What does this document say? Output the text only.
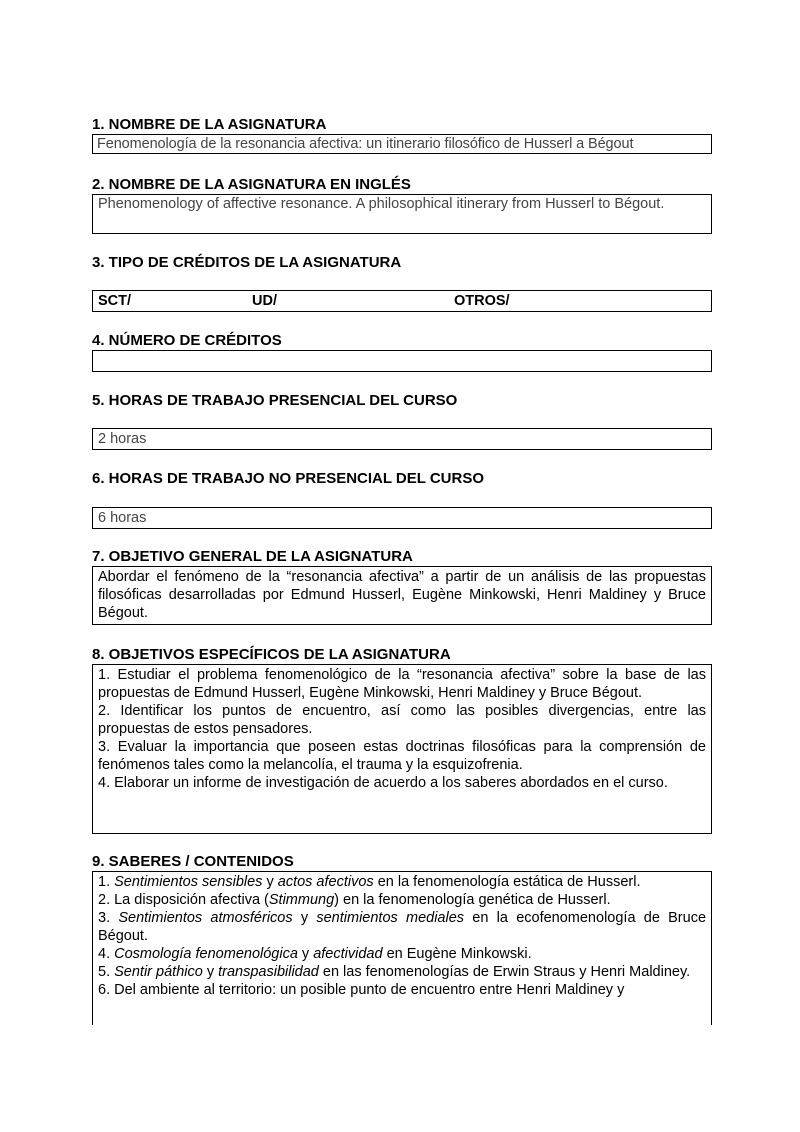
1. NOMBRE DE LA ASIGNATURA
Fenomenología de la resonancia afectiva: un itinerario filosófico de Husserl a Bégout
2. NOMBRE DE LA ASIGNATURA EN INGLÉS
Phenomenology of affective resonance. A philosophical itinerary from Husserl to Bégout.
3. TIPO DE CRÉDITOS DE LA ASIGNATURA
SCT/	UD/	OTROS/
4. NÚMERO DE CRÉDITOS
5. HORAS DE TRABAJO PRESENCIAL DEL CURSO
2 horas
6. HORAS DE TRABAJO NO PRESENCIAL DEL CURSO
6 horas
7. OBJETIVO GENERAL DE LA ASIGNATURA
Abordar el fenómeno de la “resonancia afectiva” a partir de un análisis de las propuestas filosóficas desarrolladas por Edmund Husserl, Eugène Minkowski, Henri Maldiney y Bruce Bégout.
8. OBJETIVOS ESPECÍFICOS DE LA ASIGNATURA

1. Estudiar el problema fenomenológico de la “resonancia afectiva” sobre la base de las propuestas de Edmund Husserl, Eugène Minkowski, Henri Maldiney y Bruce Bégout.

2. Identificar los puntos de encuentro, así como las posibles divergencias, entre las propuestas de estos pensadores.

3. Evaluar la importancia que poseen estas doctrinas filosóficas para la comprensión de fenómenos tales como la melancolía, el trauma y la esquizofrenia.

4. Elaborar un informe de investigación de acuerdo a los saberes abordados en el curso.

9. SABERES / CONTENIDOS

1. Sentimientos sensibles y actos afectivos en la fenomenología estática de Husserl.

2. La disposición afectiva (Stimmung) en la fenomenología genética de Husserl.

3. Sentimientos atmosféricos y sentimientos mediales en la ecofenomenología de Bruce Bégout.

4. Cosmología fenomenológica y afectividad en Eugène Minkowski.

5. Sentir páthico y transpasibilidad en las fenomenologías de Erwin Straus y Henri Maldiney.

6. Del ambiente al territorio: un posible punto de encuentro entre Henri Maldiney y
